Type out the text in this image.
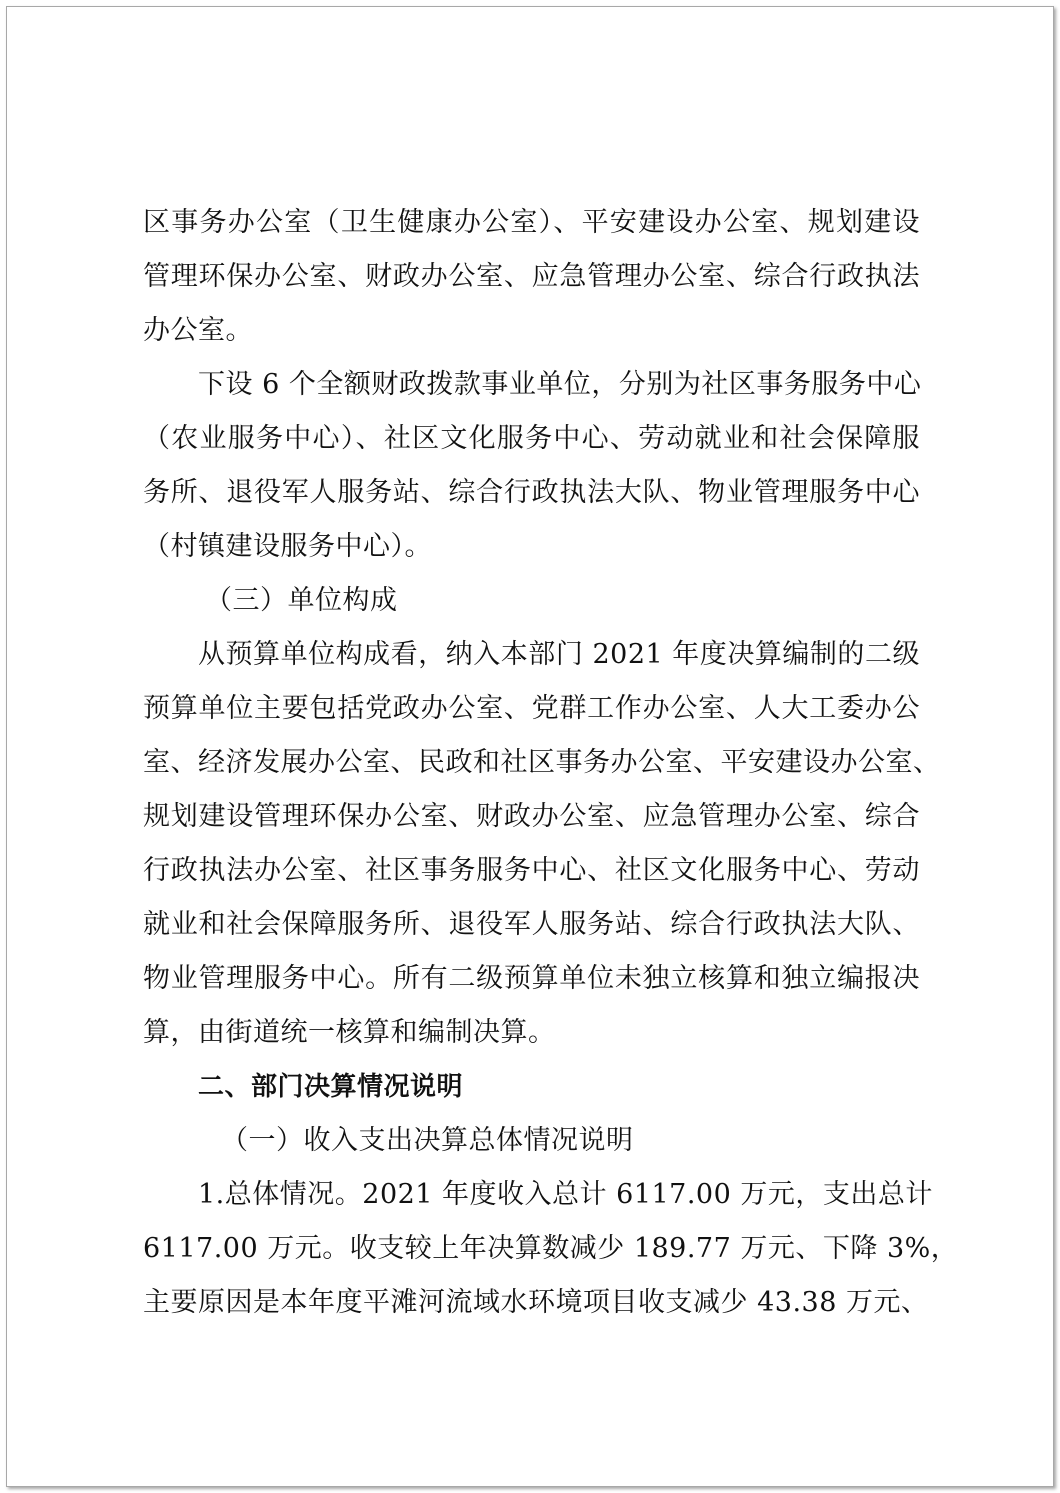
区事务办公室（卫生健康办公室）、平安建设办公室、规划建设
管理环保办公室、财政办公室、应急管理办公室、综合行政执法
办公室。
下设 6 个全额财政拨款事业单位，分别为社区事务服务中心
（农业服务中心）、社区文化服务中心、劳动就业和社会保障服
务所、退役军人服务站、综合行政执法大队、物业管理服务中心
（村镇建设服务中心）。
（三）单位构成
从预算单位构成看，纳入本部门 2021 年度决算编制的二级
预算单位主要包括党政办公室、党群工作办公室、人大工委办公
室、经济发展办公室、民政和社区事务办公室、平安建设办公室、
规划建设管理环保办公室、财政办公室、应急管理办公室、综合
行政执法办公室、社区事务服务中心、社区文化服务中心、劳动
就业和社会保障服务所、退役军人服务站、综合行政执法大队、
物业管理服务中心。所有二级预算单位未独立核算和独立编报决
算，由街道统一核算和编制决算。
二、部门决算情况说明
（一）收入支出决算总体情况说明
1.总体情况。2021 年度收入总计 6117.00 万元，支出总计
6117.00 万元。收支较上年决算数减少 189.77 万元、下降 3%，
主要原因是本年度平滩河流域水环境项目收支减少 43.38 万元、
